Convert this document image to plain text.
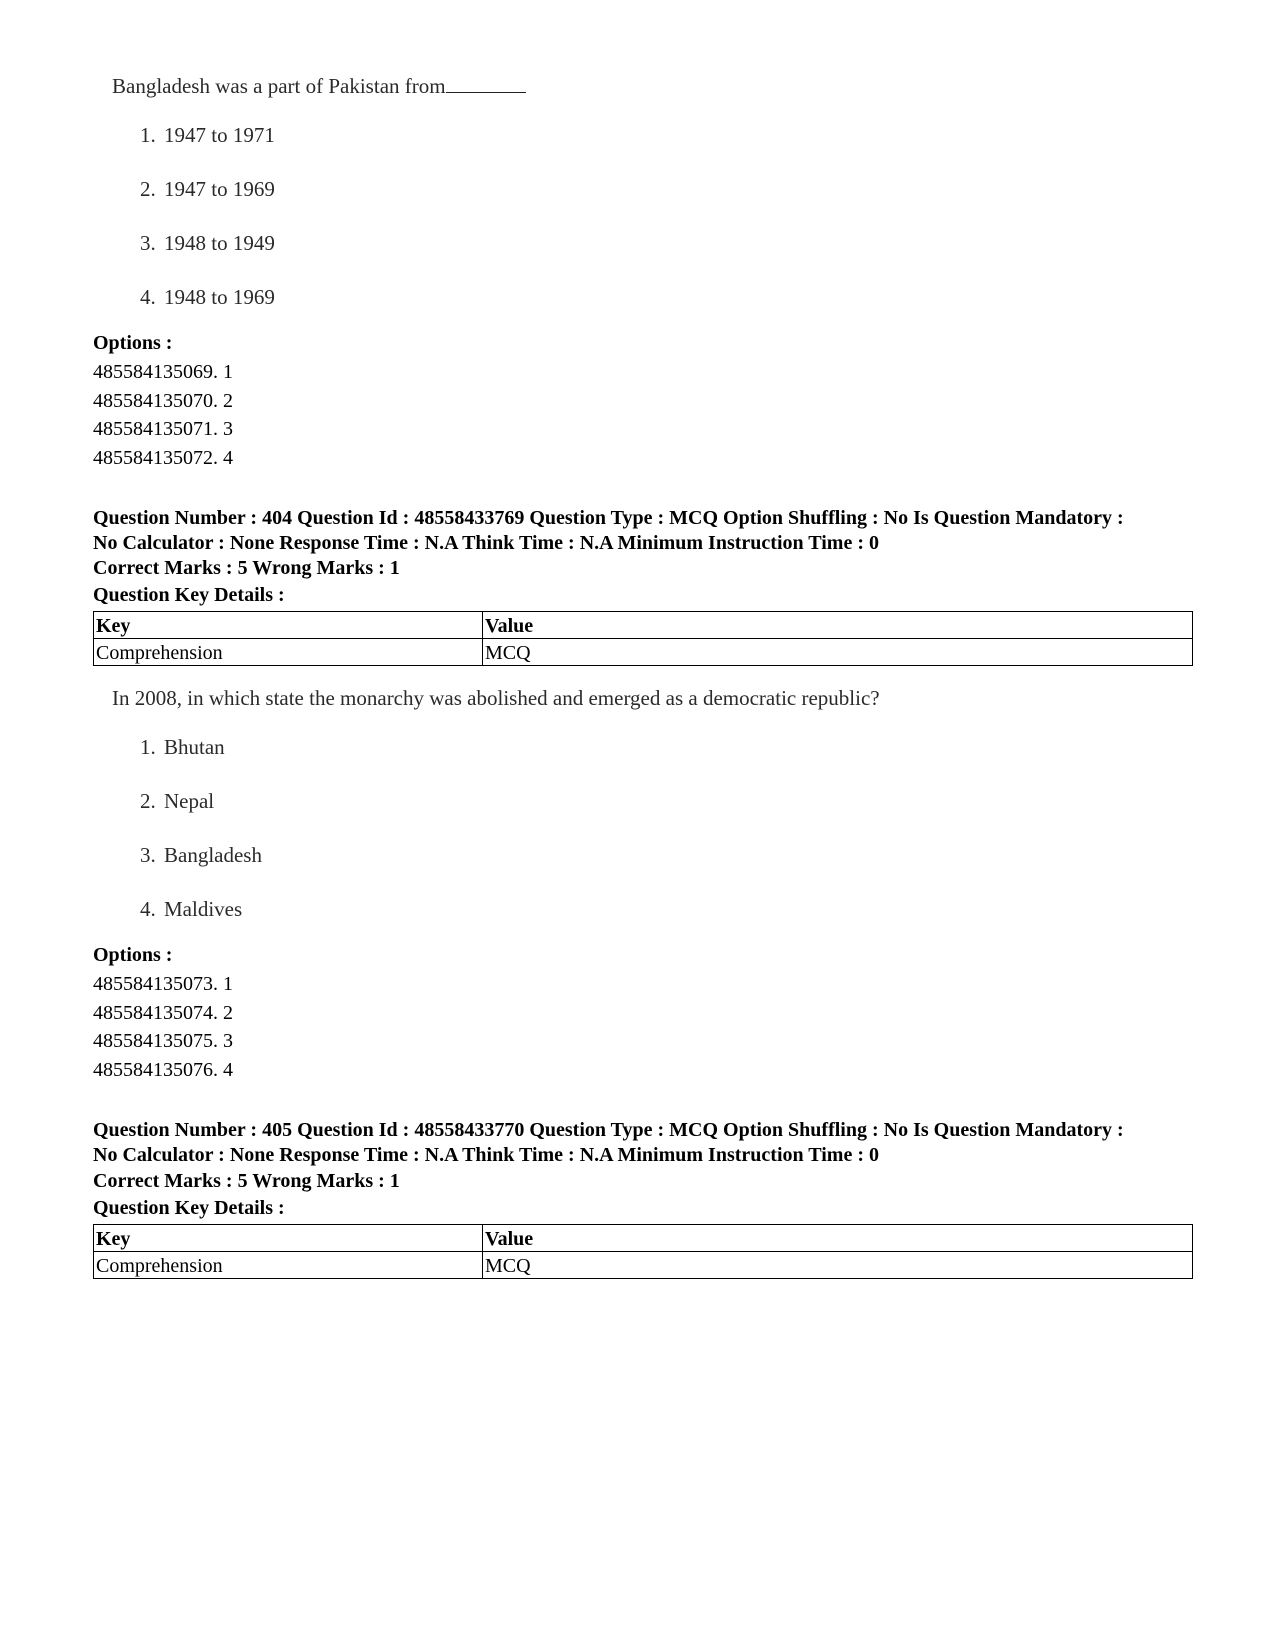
Bangladesh was a part of Pakistan from
1. 1947 to 1971
2. 1947 to 1969
3. 1948 to 1949
4. 1948 to 1969
Options :
485584135069. 1
485584135070. 2
485584135071. 3
485584135072. 4
Question Number : 404 Question Id : 48558433769 Question Type : MCQ Option Shuffling : No Is Question Mandatory :
No Calculator : None Response Time : N.A Think Time : N.A Minimum Instruction Time : 0
Correct Marks : 5 Wrong Marks : 1
Question Key Details :
Key	Value
Comprehension	MCQ
In 2008, in which state the monarchy was abolished and emerged as a democratic republic?
1. Bhutan
2. Nepal
3. Bangladesh
4. Maldives
Options :
485584135073. 1
485584135074. 2
485584135075. 3
485584135076. 4
Question Number : 405 Question Id : 48558433770 Question Type : MCQ Option Shuffling : No Is Question Mandatory :
No Calculator : None Response Time : N.A Think Time : N.A Minimum Instruction Time : 0
Correct Marks : 5 Wrong Marks : 1
Question Key Details :
Key	Value
Comprehension	MCQ
